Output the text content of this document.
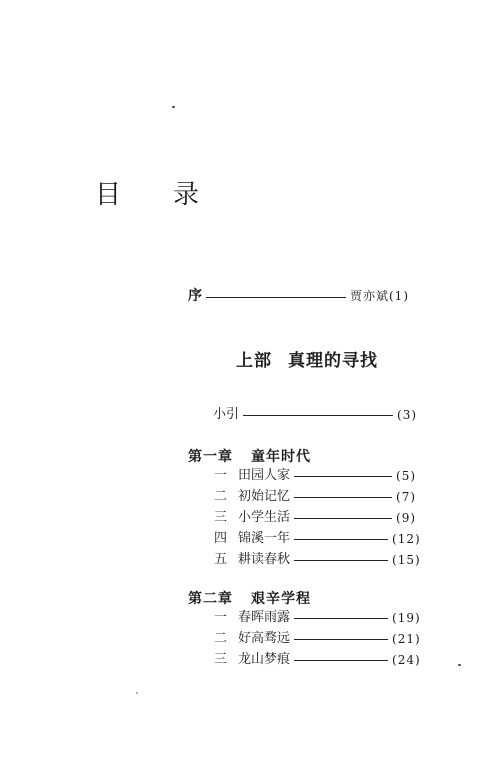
目 录
序	贾亦斌(1)
上部 真理的寻找
小引	(3)
第一章 童年时代
一 田园人家	(5)
二 初始记忆	(7)
三 小学生活	(9)
四 锦溪一年	(12)
五 耕读春秋	(15)
第二章 艰辛学程
一 春晖雨露	(19)
二 好高骛远	(21)
三 龙山梦痕	(24)
